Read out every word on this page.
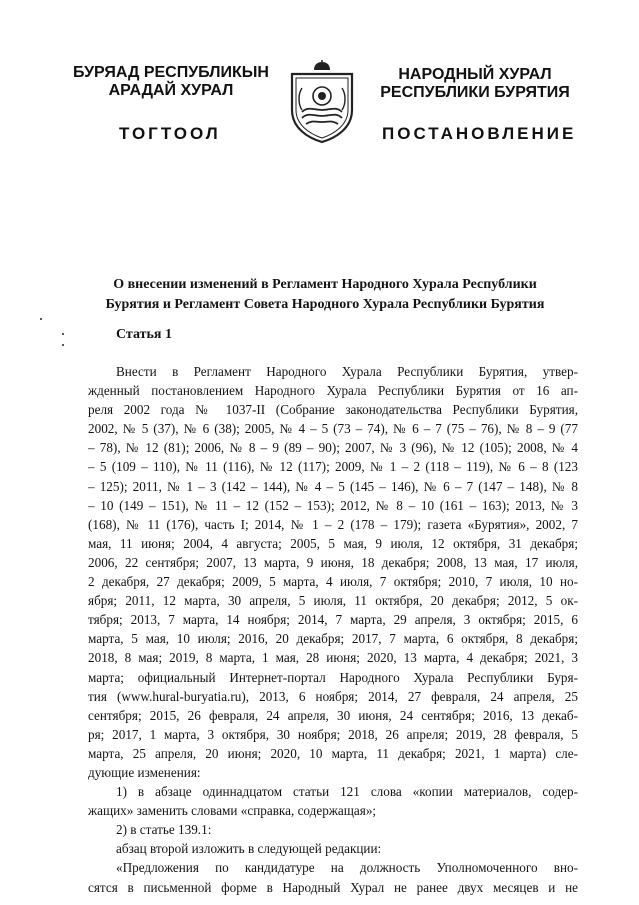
БУРЯАД РЕСПУБЛИКЫН
АРАДАЙ ХУРАЛ
ТОГТООЛ
НАРОДНЫЙ ХУРАЛ
РЕСПУБЛИКИ БУРЯТИЯ
ПОСТАНОВЛЕНИЕ
О внесении изменений в Регламент Народного Хурала Республики
Бурятия и Регламент Совета Народного Хурала Республики Бурятия
Статья 1
Внести в Регламент Народного Хурала Республики Бурятия, утвер-
жденный постановлением Народного Хурала Республики Бурятия от 16 ап-
реля 2002 года № 1037-II (Собрание законодательства Республики Бурятия,
2002, № 5 (37), № 6 (38); 2005, № 4 – 5 (73 – 74), № 6 – 7 (75 – 76), № 8 – 9 (77
– 78), № 12 (81); 2006, № 8 – 9 (89 – 90); 2007, № 3 (96), № 12 (105); 2008, № 4
– 5 (109 – 110), № 11 (116), № 12 (117); 2009, № 1 – 2 (118 – 119), № 6 – 8 (123
– 125); 2011, № 1 – 3 (142 – 144), № 4 – 5 (145 – 146), № 6 – 7 (147 – 148), № 8
– 10 (149 – 151), № 11 – 12 (152 – 153); 2012, № 8 – 10 (161 – 163); 2013, № 3
(168), № 11 (176), часть I; 2014, № 1 – 2 (178 – 179); газета «Бурятия», 2002, 7
мая, 11 июня; 2004, 4 августа; 2005, 5 мая, 9 июля, 12 октября, 31 декабря;
2006, 22 сентября; 2007, 13 марта, 9 июня, 18 декабря; 2008, 13 мая, 17 июля,
2 декабря, 27 декабря; 2009, 5 марта, 4 июля, 7 октября; 2010, 7 июля, 10 но-
ября; 2011, 12 марта, 30 апреля, 5 июля, 11 октября, 20 декабря; 2012, 5 ок-
тября; 2013, 7 марта, 14 ноября; 2014, 7 марта, 29 апреля, 3 октября; 2015, 6
марта, 5 мая, 10 июля; 2016, 20 декабря; 2017, 7 марта, 6 октября, 8 декабря;
2018, 8 мая; 2019, 8 марта, 1 мая, 28 июня; 2020, 13 марта, 4 декабря; 2021, 3
марта; официальный Интернет-портал Народного Хурала Республики Буря-
тия (www.hural-buryatia.ru), 2013, 6 ноября; 2014, 27 февраля, 24 апреля, 25
сентября; 2015, 26 февраля, 24 апреля, 30 июня, 24 сентября; 2016, 13 декаб-
ря; 2017, 1 марта, 3 октября, 30 ноября; 2018, 26 апреля; 2019, 28 февраля, 5
марта, 25 апреля, 20 июня; 2020, 10 марта, 11 декабря; 2021, 1 марта) сле-
дующие изменения:
1) в абзаце одиннадцатом статьи 121 слова «копии материалов, содер-
жащих» заменить словами «справка, содержащая»;
2) в статье 139.1:
абзац второй изложить в следующей редакции:
«Предложения по кандидатуре на должность Уполномоченного вно-
сятся в письменной форме в Народный Хурал не ранее двух месяцев и не
